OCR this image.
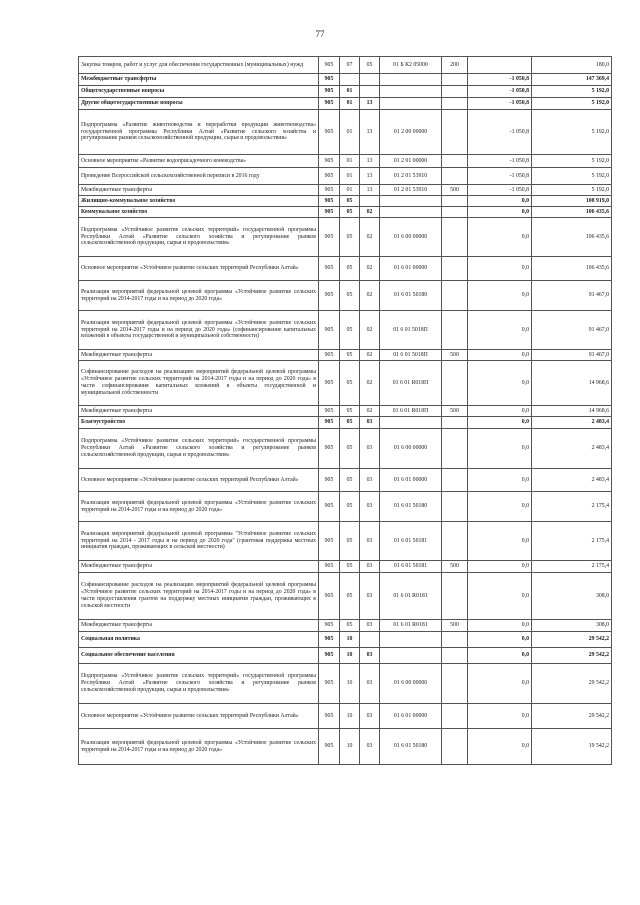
77
Закупка товаров, работ и услуг для обеспечения государственных (муниципальных) нужд	905	07	05	01 Б К2 05000	200		180,0
Межбюджетные трансферты	905					-1 050,8	147 369,4
Общегосударственные вопросы	905	01				-1 050,8	5 192,0
Другие общегосударственные вопросы	905	01	13			-1 050,8	5 192,0
Подпрограмма «Развитие животноводства и переработки продукции животноводства» государственной программы Республики Алтай «Развитие сельского хозяйства и регулирование рынков сельскохозяйственной продукции, сырья и продовольствия»	905	01	13	01 2 00 00000		-1 050,8	5 192,0
Основное мероприятие «Развитие водоприсадочного коневодства»	905	01	13	01 2 01 00000		-1 050,8	5 192,0
Проведение Всероссийской сельскохозяйственной переписи в 2016 году	905	01	13	01 2 01 53910		-1 050,8	5 192,0
Межбюджетные трансферты	905	01	13	01 2 01 53910	500	-1 050,8	5 192,0
Жилищно-коммунальное хозяйство	905	05				0,0	108 919,0
Коммунальное хозяйство	905	05	02			0,0	106 435,6
Подпрограмма «Устойчивое развитие сельских территорий» государственной программы Республики Алтай «Развитие сельского хозяйства и регулирование рынков сельскохозяйственной продукции, сырья и продовольствия»	905	05	02	01 6 00 00000		0,0	106 435,6
Основное мероприятие «Устойчивое развитие сельских территорий Республики Алтай»	905	05	02	01 6 01 00000		0,0	106 435,6
Реализация мероприятий федеральной целевой программы «Устойчивое развитие сельских территорий на 2014-2017 годы и на период до 2020 года»	905	05	02	01 6 01 50180		0,0	91 467,0
Реализация мероприятий федеральной целевой программы «Устойчивое развитие сельских территорий на 2014-2017 годы и на период до 2020 года» (софинансирование капитальных вложений в объекты государственной и муниципальной собственности)	905	05	02	01 6 01 5018П		0,0	91 467,0
Межбюджетные трансферты	905	05	02	01 6 01 5018П	500	0,0	91 467,0
Софинансирование расходов на реализацию мероприятий федеральной целевой программы «Устойчивое развитие сельских территорий на 2014-2017 годы и на период до 2020 года» в части софинансирования капитальных вложений в объекты государственной и муниципальной собственности	905	05	02	01 6 01 R018П		0,0	14 968,6
Межбюджетные трансферты	905	05	02	01 6 01 R018П	500	0,0	14 968,6
Благоустройство	905	05	03			0,0	2 483,4
Подпрограмма «Устойчивое развитие сельских территорий» государственной программы Республики Алтай «Развитие сельского хозяйства и регулирование рынков сельскохозяйственной продукции, сырья и продовольствия»	905	05	03	01 6 00 00000		0,0	2 483,4
Основное мероприятие «Устойчивое развитие сельских территорий Республики Алтай»	905	05	03	01 6 01 00000		0,0	2 483,4
Реализация мероприятий федеральной целевой программы «Устойчивое развитие сельских территорий на 2014-2017 годы и на период до 2020 года»	905	05	03	01 6 01 50180		0,0	2 175,4
Реализация мероприятий федеральной целевой программы "Устойчивое развитие сельских территорий на 2014 - 2017 годы и на период до 2020 года" (грантовая поддержка местных инициатив граждан, проживающих в сельской местности)	905	05	03	01 6 01 50181		0,0	2 175,4
Межбюджетные трансферты	905	05	03	01 6 01 50181	500	0,0	2 175,4
Софинансирование расходов на реализацию мероприятий федеральной целевой программы «Устойчивое развитие сельских территорий на 2014-2017 годы и на период до 2020 года» в части предоставления грантов на поддержку местных инициатив граждан, проживающих в сельской местности	905	05	03	01 6 01 R0181		0,0	308,0
Межбюджетные трансферты	905	05	03	01 6 01 R0181	500	0,0	308,0
Социальная политика	905	10				0,0	29 542,2
Социальное обеспечение населения	905	10	03			0,0	29 542,2
Подпрограмма «Устойчивое развитие сельских территорий» государственной программы Республики Алтай «Развитие сельского хозяйства и регулирование рынков сельскохозяйственной продукции, сырья и продовольствия»	905	10	03	01 6 00 00000		0,0	29 542,2
Основное мероприятие «Устойчивое развитие сельских территорий Республики Алтай»	905	10	03	01 6 01 00000		0,0	29 542,2
Реализация мероприятий федеральной целевой программы «Устойчивое развитие сельских территорий на 2014-2017 годы и на период до 2020 года»	905	10	03	01 6 01 50180		0,0	19 542,2
